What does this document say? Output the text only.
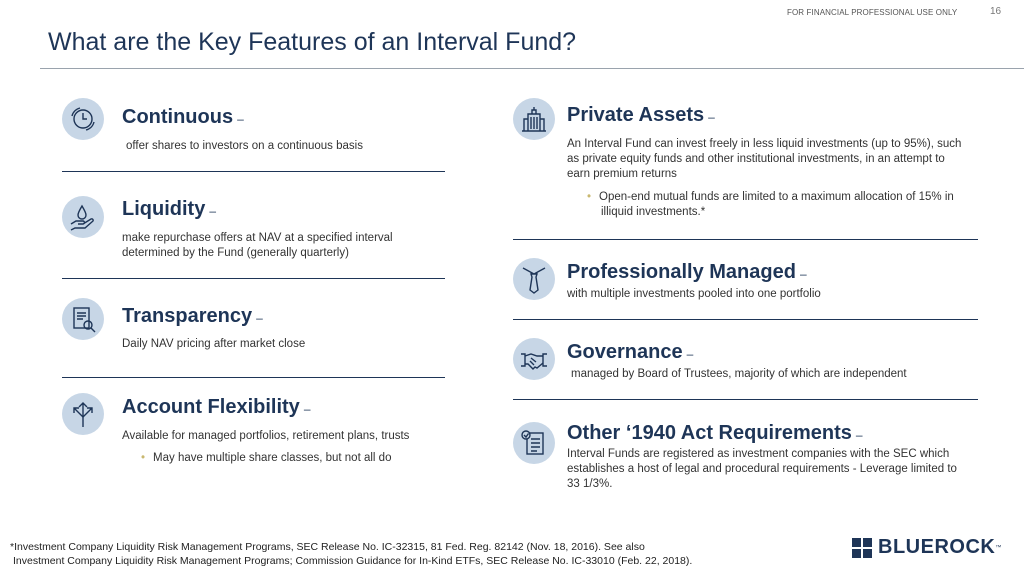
FOR FINANCIAL PROFESSIONAL USE ONLY	16
What are the Key Features of an Interval Fund?
Continuous –
offer shares to investors on a continuous basis
Liquidity –
make repurchase offers at NAV at a specified interval determined by the Fund (generally quarterly)
Transparency –
Daily NAV pricing after market close
Account Flexibility –
Available for managed portfolios, retirement plans, trusts
• May have multiple share classes, but not all do
Private Assets –
An Interval Fund can invest freely in less liquid investments (up to 95%), such as private equity funds and other institutional investments, in an attempt to earn premium returns
• Open-end mutual funds are limited to a maximum allocation of 15% in illiquid investments.*
Professionally Managed –
with multiple investments pooled into one portfolio
Governance –
managed by Board of Trustees, majority of which are independent
Other ‘1940 Act Requirements –
Interval Funds are registered as investment companies with the SEC which establishes a host of legal and procedural requirements - Leverage limited to 33 1/3%.
*Investment Company Liquidity Risk Management Programs, SEC Release No. IC-32315, 81 Fed. Reg. 82142 (Nov. 18, 2016). See also
Investment Company Liquidity Risk Management Programs; Commission Guidance for In-Kind ETFs, SEC Release No. IC-33010 (Feb. 22, 2018).
BLUEROCK ™
